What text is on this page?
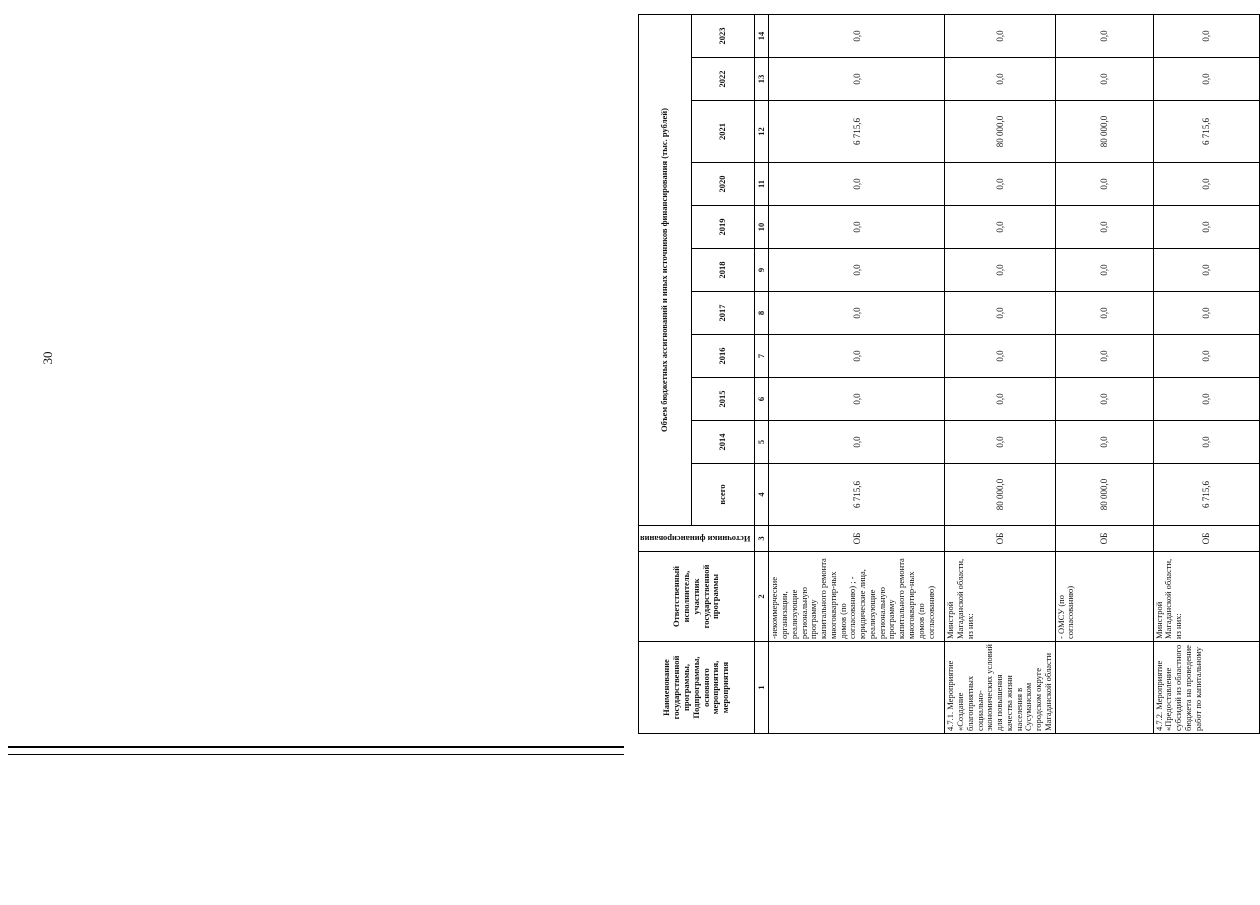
30
Наименование государственной программы, Подпрограммы, основного мероприятия, мероприятия	Ответственный исполнитель, участник государственной программы	Источники финансирования	Объем бюджетных ассигнований и иных источников финансирования (тыс. рублей)										
			всего	2014	2015	2016	2017	2018	2019	2020	2021	2022	2023
1	2	3	4	5	6	7	8	9	10	11	12	13	14
	-некоммерческие организации, реализующие региональную программу капитального ремонта многоквартир-ных домов (по согласованию) ; - юридические лица, реализующие региональную программу капитального ремонта многоквартир-ных домов (по согласованию)	ОБ	6 715,6	0,0	0,0	0,0	0,0	0,0	0,0	0,0	6 715,6	0,0	0,0
4.7.1. Мероприятие «Создание благоприятных социально-экономических условий для повышения качества жизни населения в Сусуманском городском округе Магаданской области	Минстрой Магаданской области, из них:	ОБ	80 000,0	0,0	0,0	0,0	0,0	0,0	0,0	0,0	80 000,0	0,0	0,0
	- ОМСУ (по согласованию)	ОБ	80 000,0	0,0	0,0	0,0	0,0	0,0	0,0	0,0	80 000,0	0,0	0,0
4.7.2. Мероприятие «Предоставление субсидий из областного бюджета на проведение работ по капитальному	Минстрой Магаданской области, из них:	ОБ	6 715,6	0,0	0,0	0,0	0,0	0,0	0,0	0,0	6 715,6	0,0	0,0
